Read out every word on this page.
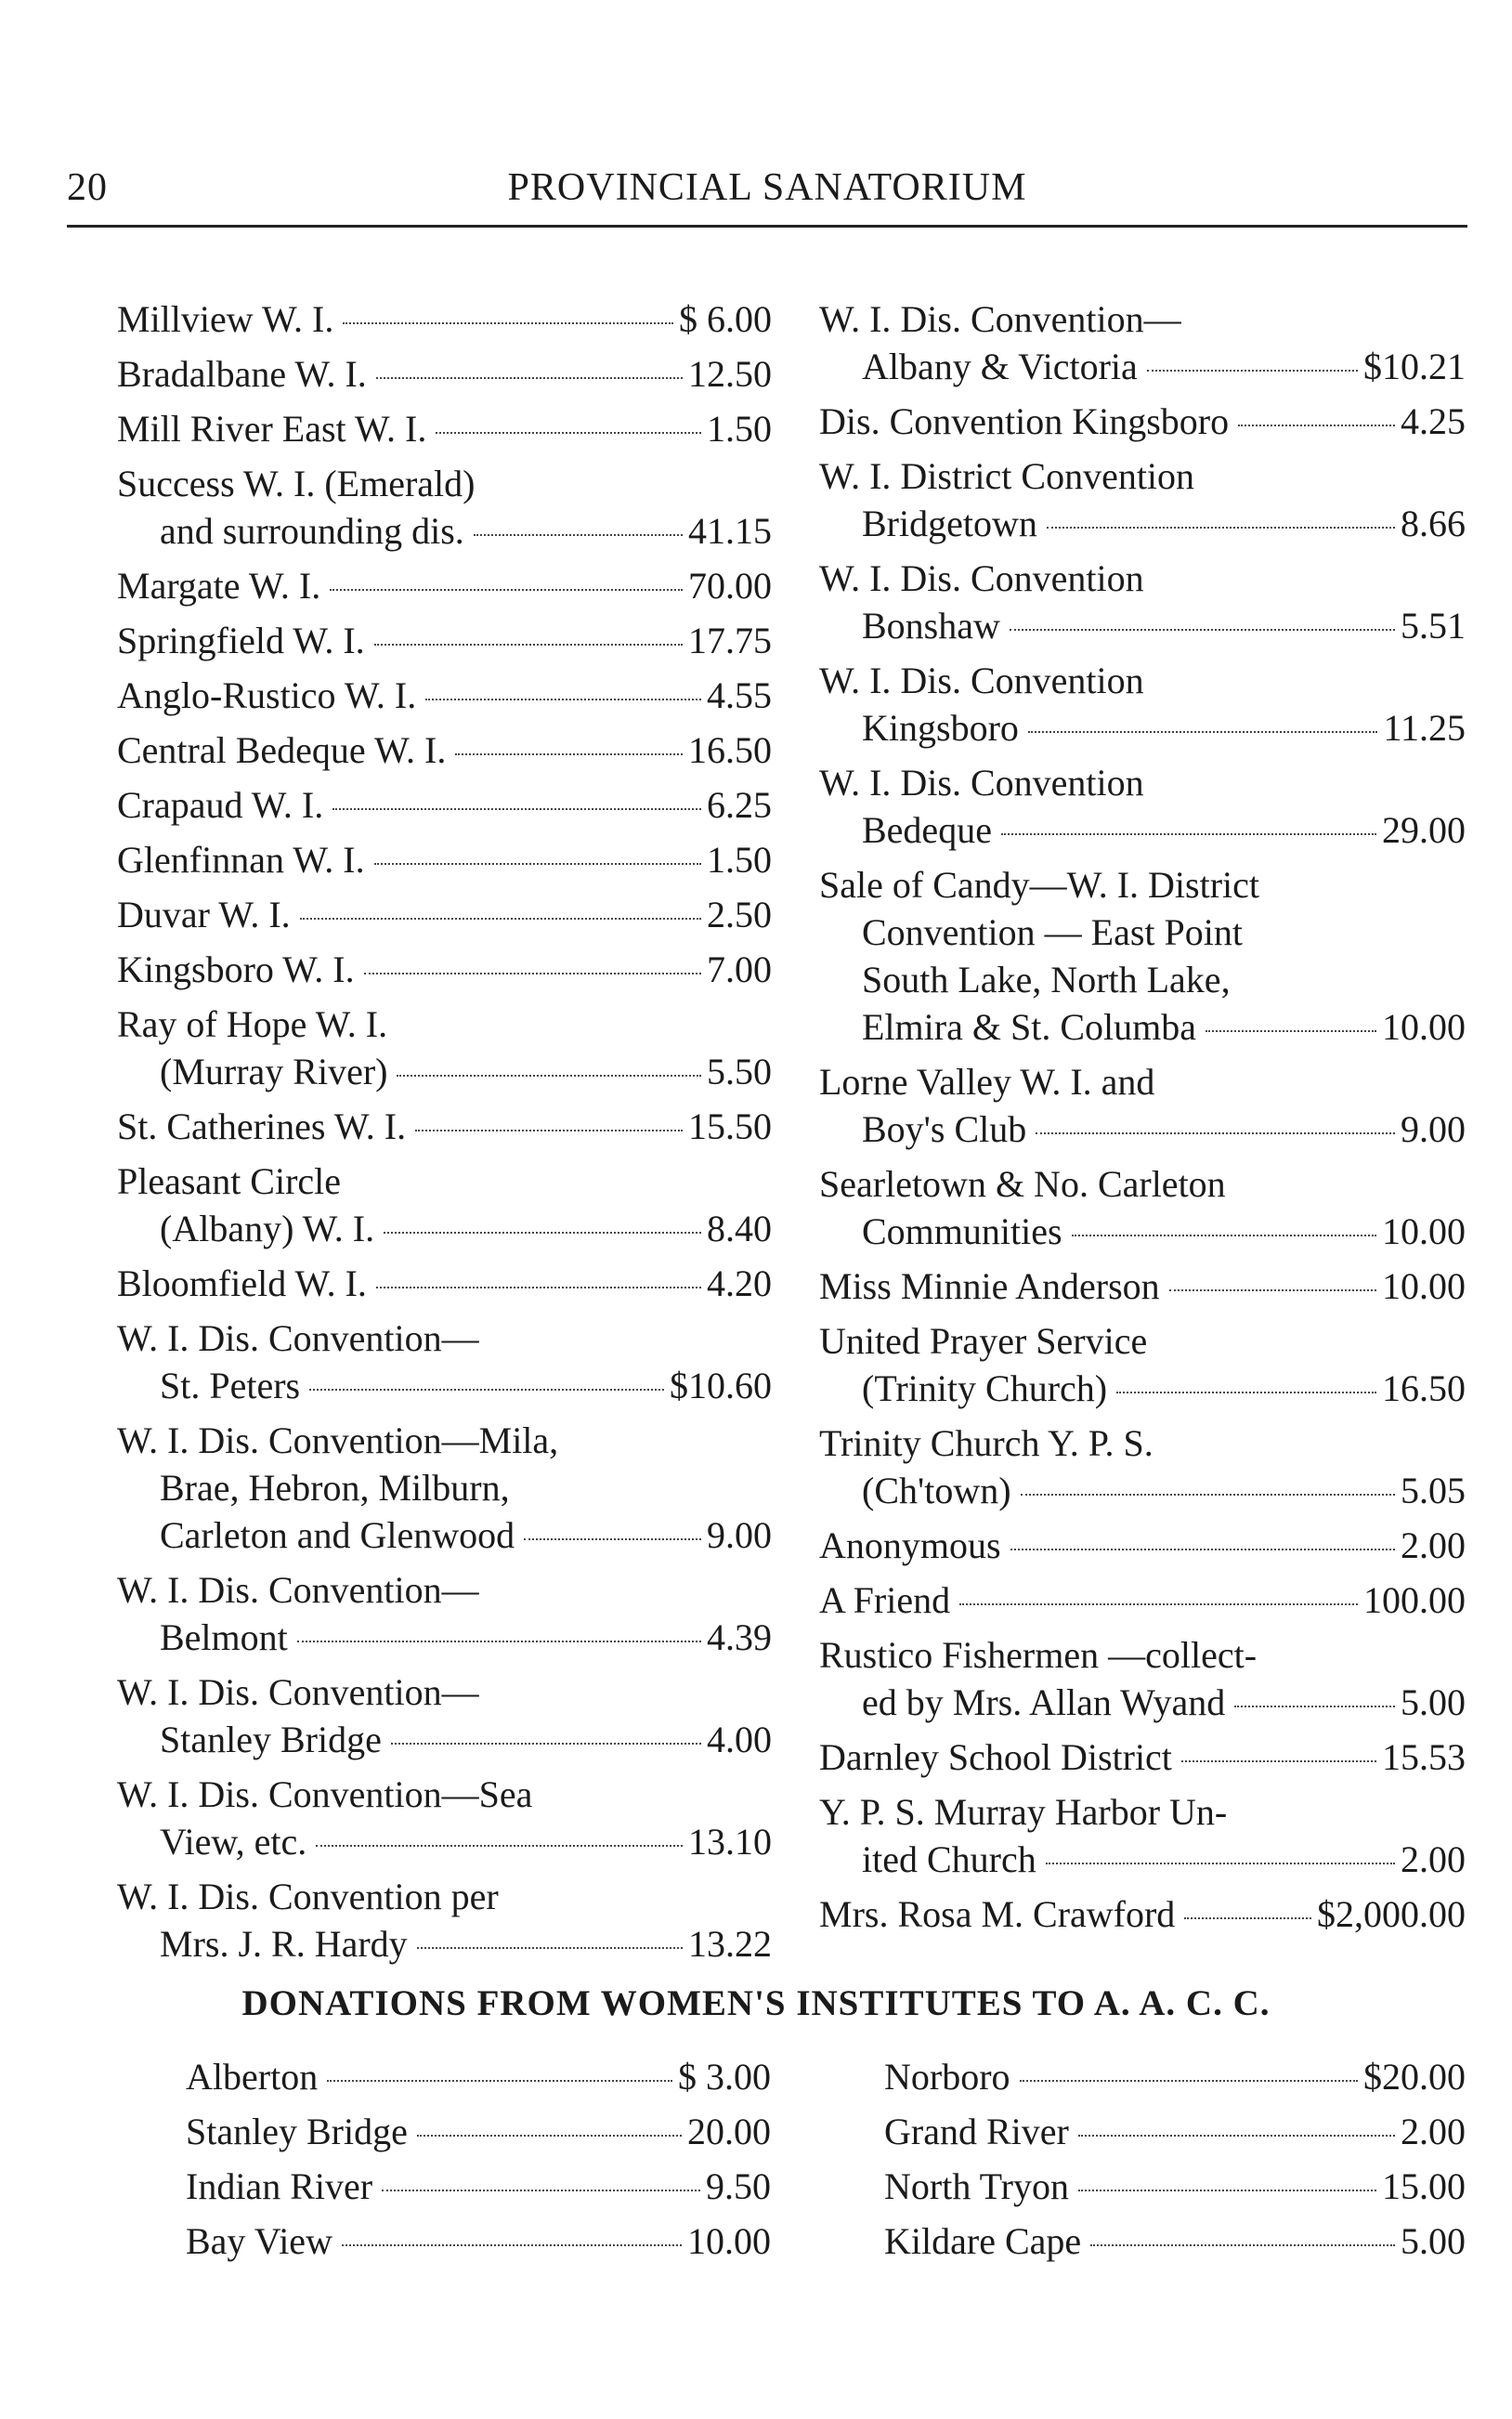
20	PROVINCIAL SANATORIUM
Millview W. I.	$ 6.00
Bradalbane W. I.	12.50
Mill River East W. I.	1.50
Success W. I. (Emerald)
and surrounding dis.	41.15
Margate W. I.	70.00
Springfield W. I.	17.75
Anglo-Rustico W. I.	4.55
Central Bedeque W. I.	16.50
Crapaud W. I.	6.25
Glenfinnan W. I.	1.50
Duvar W. I.	2.50
Kingsboro W. I.	7.00
Ray of Hope W. I.
(Murray River)	5.50
St. Catherines W. I.	15.50
Pleasant Circle
(Albany) W. I.	8.40
Bloomfield W. I.	4.20
W. I. Dis. Convention—
St. Peters	$10.60
W. I. Dis. Convention—Mila,
Brae, Hebron, Milburn,
Carleton and Glenwood	9.00
W. I. Dis. Convention—
Belmont	4.39
W. I. Dis. Convention—
Stanley Bridge	4.00
W. I. Dis. Convention—Sea
View, etc.	13.10
W. I. Dis. Convention per
Mrs. J. R. Hardy	13.22
W. I. Dis. Convention—
Albany & Victoria	$10.21
Dis. Convention Kingsboro	4.25
W. I. District Convention
Bridgetown	8.66
W. I. Dis. Convention
Bonshaw	5.51
W. I. Dis. Convention
Kingsboro	11.25
W. I. Dis. Convention
Bedeque	29.00
Sale of Candy—W. I. District
Convention — East Point
South Lake, North Lake,
Elmira & St. Columba	10.00
Lorne Valley W. I. and
Boy's Club	9.00
Searletown & No. Carleton
Communities	10.00
Miss Minnie Anderson	10.00
United Prayer Service
(Trinity Church)	16.50
Trinity Church Y. P. S.
(Ch'town)	5.05
Anonymous	2.00
A Friend	100.00
Rustico Fishermen —collect-
ed by Mrs. Allan Wyand	5.00
Darnley School District	15.53
Y. P. S. Murray Harbor Un-
ited Church	2.00
Mrs. Rosa M. Crawford	$2,000.00
DONATIONS FROM WOMEN'S INSTITUTES TO A. A. C. C.
Alberton	$ 3.00
Stanley Bridge	20.00
Indian River	9.50
Bay View	10.00
Norboro	$20.00
Grand River	2.00
North Tryon	15.00
Kildare Cape	5.00
